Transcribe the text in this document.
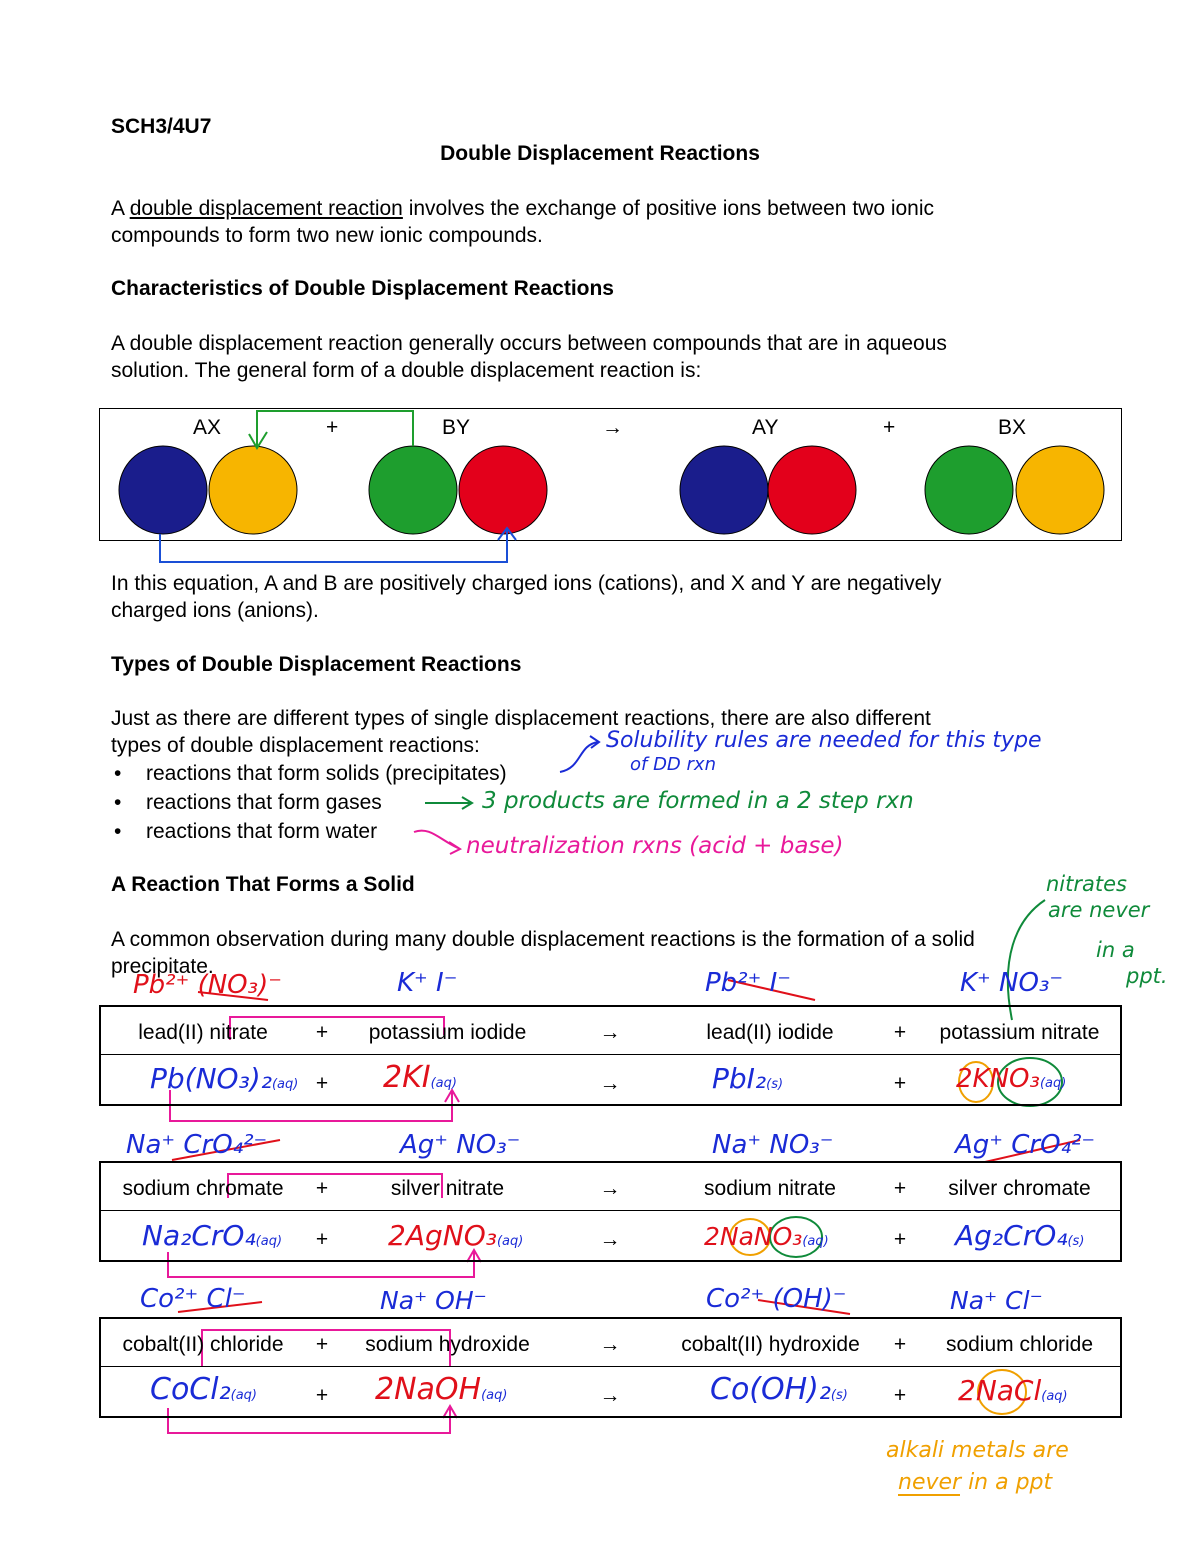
SCH3/4U7
Double Displacement Reactions
A double displacement reaction involves the exchange of positive ions between two ionic
compounds to form two new ionic compounds.
Characteristics of Double Displacement Reactions
A double displacement reaction generally occurs between compounds that are in aqueous
solution. The general form of a double displacement reaction is:
AX	+	BY	→	AY	+	BX
In this equation, A and B are positively charged ions (cations), and X and Y are negatively
charged ions (anions).
Types of Double Displacement Reactions
Just as there are different types of single displacement reactions, there are also different
types of double displacement reactions:
• reactions that form solids (precipitates)
• reactions that form gases
• reactions that form water
Solubility rules are needed for this type
of DD rxn
3 products are formed in a 2 step rxn
neutralization rxns (acid + base)
A Reaction That Forms a Solid
A common observation during many double displacement reactions is the formation of a solid
precipitate.
nitrates
are never
in a
ppt.
Pb²⁺ (NO₃)⁻	K⁺ I⁻	Pb²⁺ I⁻	K⁺ NO₃⁻
lead(II) nitrate	+	potassium iodide	→	lead(II) iodide	+	potassium nitrate
Pb(NO₃)₂(aq) + 2KI(aq)	→	PbI₂(s)	+ 2KNO₃(aq)
Na⁺ CrO₄²⁻	Ag⁺ NO₃⁻	Na⁺ NO₃⁻	Ag⁺ CrO₄²⁻
sodium chromate	+	silver nitrate	→	sodium nitrate	+	silver chromate
Na₂CrO₄(aq) + 2AgNO₃(aq)	→	2NaNO₃(aq)	+ Ag₂CrO₄(s)
Co²⁺ Cl⁻	Na⁺ OH⁻	Co²⁺ (OH)⁻	Na⁺ Cl⁻
cobalt(II) chloride	+	sodium hydroxide	→	cobalt(II) hydroxide	+	sodium chloride
CoCl₂(aq)	+ 2NaOH(aq)	→	Co(OH)₂(s) + 2NaCl(aq)
alkali metals are
never in a ppt
